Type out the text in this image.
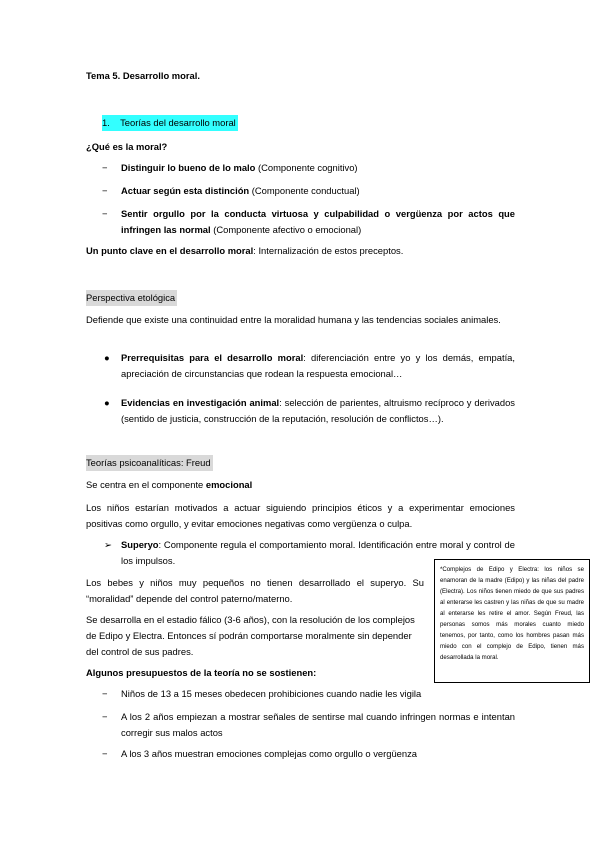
Tema 5. Desarrollo moral.
1. Teorías del desarrollo moral
¿Qué es la moral?
−	Distinguir lo bueno de lo malo (Componente cognitivo)
−	Actuar según esta distinción (Componente conductual)
−	Sentir orgullo por la conducta virtuosa y culpabilidad o vergüenza por actos que infringen las normal (Componente afectivo o emocional)
Un punto clave en el desarrollo moral: Internalización de estos preceptos.
Perspectiva etológica
Defiende que existe una continuidad entre la moralidad humana y las tendencias sociales animales.
● Prerrequisitas para el desarrollo moral: diferenciación entre yo y los demás, empatía, apreciación de circunstancias que rodean la respuesta emocional…
● Evidencias en investigación animal: selección de parientes, altruismo recíproco y derivados (sentido de justicia, construcción de la reputación, resolución de conflictos…).
Teorías psicoanalíticas: Freud
Se centra en el componente emocional
Los niños estarían motivados a actuar siguiendo principios éticos y a experimentar emociones positivas como orgullo, y evitar emociones negativas como vergüenza o culpa.
➢ Superyo: Componente regula el comportamiento moral. Identificación entre moral y control de los impulsos.
Los bebes y niños muy pequeños no tienen desarrollado el superyo. Su “moralidad” depende del control paterno/materno.
Se desarrolla en el estadio fálico (3-6 años), con la resolución de los complejos de Edipo y Electra. Entonces sí podrán comportarse moralmente sin depender del control de sus padres.
Algunos presupuestos de la teoría no se sostienen:
−	Niños de 13 a 15 meses obedecen prohibiciones cuando nadie les vigila
−	A los 2 años empiezan a mostrar señales de sentirse mal cuando infringen normas e intentan corregir sus malos actos
−	A los 3 años muestran emociones complejas como orgullo o vergüenza
*Complejos de Edipo y Electra: los niños se enamoran de la madre (Edipo) y las niñas del padre (Electra). Los niños tienen miedo de que sus padres al enterarse les castren y las niñas de que su madre al enterarse les retire el amor. Según Freud, las personas somos más morales cuanto miedo tenemos, por tanto, como los hombres pasan más miedo con el complejo de Edipo, tienen más desarrollada la moral.
